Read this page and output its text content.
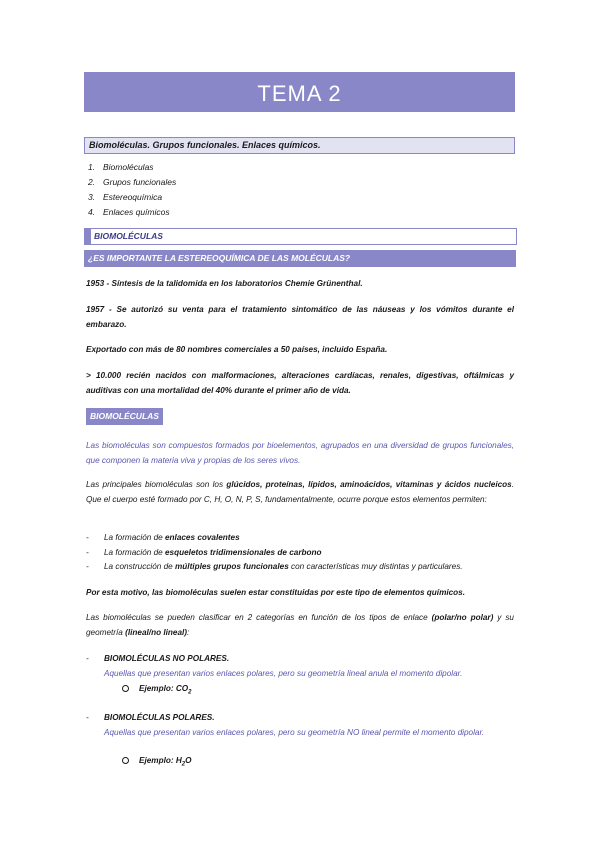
TEMA 2
Biomoléculas. Grupos funcionales. Enlaces químicos.
1. Biomoléculas
2. Grupos funcionales
3. Estereoquímica
4. Enlaces químicos
BIOMOLÉCULAS
¿ES IMPORTANTE LA ESTEREOQUÍMICA DE LAS MOLÉCULAS?
1953 - Síntesis de la talidomida en los laboratorios Chemie Grünenthal.
1957 - Se autorizó su venta para el tratamiento sintomático de las náuseas y los vómitos durante el embarazo.
Exportado con más de 80 nombres comerciales a 50 países, incluido España.
> 10.000 recién nacidos con malformaciones, alteraciones cardíacas, renales, digestivas, oftálmicas y auditivas con una mortalidad del 40% durante el primer año de vida.
BIOMOLÉCULAS
Las biomoléculas son compuestos formados por bioelementos, agrupados en una diversidad de grupos funcionales, que componen la materia viva y propias de los seres vivos.
Las principales biomoléculas son los glúcidos, proteínas, lípidos, aminoácidos, vitaminas y ácidos nucleicos. Que el cuerpo esté formado por C, H, O, N, P, S, fundamentalmente, ocurre porque estos elementos permiten:
-	La formación de enlaces covalentes
-	La formación de esqueletos tridimensionales de carbono
-	La construcción de múltiples grupos funcionales con características muy distintas y particulares.
Por esta motivo, las biomoléculas suelen estar constituidas por este tipo de elementos químicos.
Las biomoléculas se pueden clasificar en 2 categorías en función de los tipos de enlace (polar/no polar) y su geometría (lineal/no lineal):
-	BIOMOLÉCULAS NO POLARES.
Aquellas que presentan varios enlaces polares, pero su geometría lineal anula el momento dipolar.
Ejemplo: $CO_2$
-	BIOMOLÉCULAS POLARES.
Aquellas que presentan varios enlaces polares, pero su geometría NO lineal permite el momento dipolar.
Ejemplo: $H_2O$
